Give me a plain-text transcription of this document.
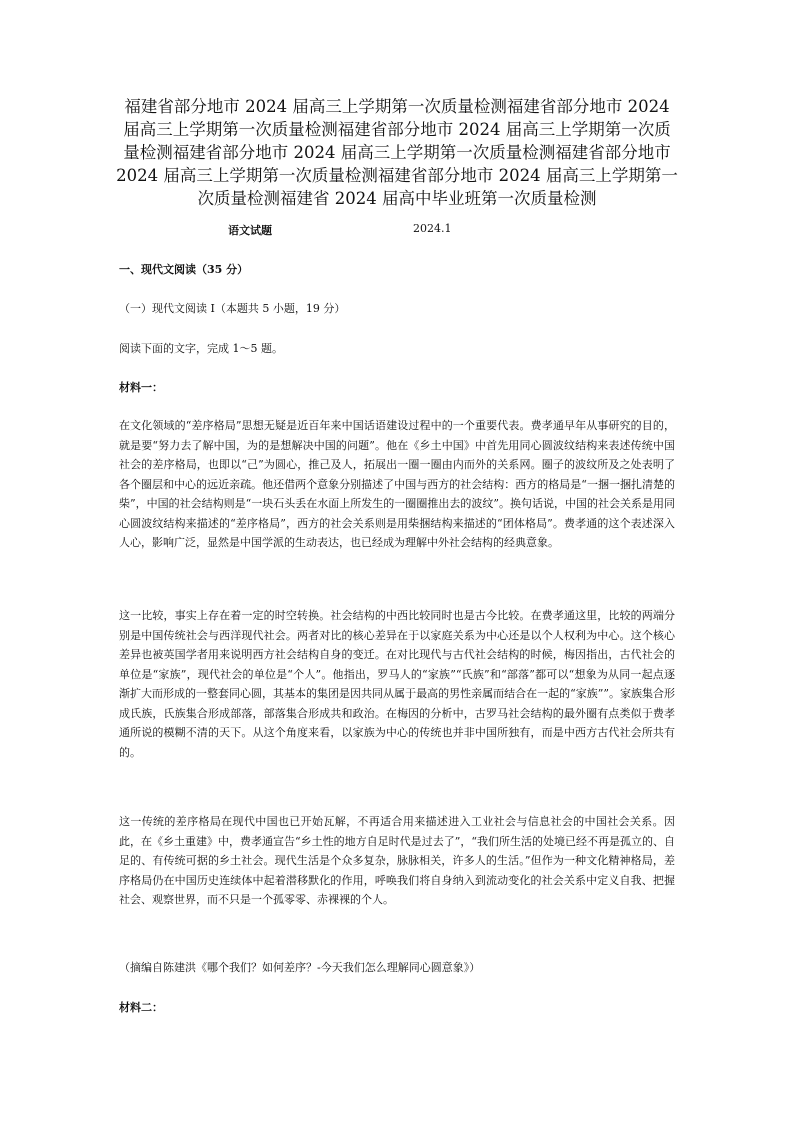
福建省部分地市 2024 届高三上学期第一次质量检测福建省部分地市 2024 届高三上学期第一次质量检测福建省部分地市 2024 届高三上学期第一次质量检测福建省部分地市 2024 届高三上学期第一次质量检测福建省部分地市 2024 届高三上学期第一次质量检测福建省部分地市 2024 届高三上学期第一次质量检测福建省 2024 届高中毕业班第一次质量检测
语文试题	2024.1
一、现代文阅读（35 分）
（一）现代文阅读 I（本题共 5 小题，19 分）
阅读下面的文字，完成 1～5 题。
材料一：

在文化领域的“差序格局”思想无疑是近百年来中国话语建设过程中的一个重要代表。费孝通早年从事研究的目的，就是要“努力去了解中国，为的是想解决中国的问题”。他在《乡土中国》中首先用同心圆波纹结构来表述传统中国社会的差序格局，也即以“己”为圆心，推己及人，拓展出一圈一圈由内而外的关系网。圈子的波纹所及之处表明了各个圈层和中心的远近亲疏。他还借两个意象分别描述了中国与西方的社会结构：西方的格局是“一捆一捆扎清楚的柴”，中国的社会结构则是“一块石头丢在水面上所发生的一圈圈推出去的波纹”。换句话说，中国的社会关系是用同心圆波纹结构来描述的“差序格局”，西方的社会关系则是用柴捆结构来描述的“团体格局”。费孝通的这个表述深入人心，影响广泛，显然是中国学派的生动表达，也已经成为理解中外社会结构的经典意象。

这一比较，事实上存在着一定的时空转换。社会结构的中西比较同时也是古今比较。在费孝通这里，比较的两端分别是中国传统社会与西洋现代社会。两者对比的核心差异在于以家庭关系为中心还是以个人权利为中心。这个核心差异也被英国学者用来说明西方社会结构自身的变迁。在对比现代与古代社会结构的时候，梅因指出，古代社会的单位是“家族”，现代社会的单位是“个人”。他指出，罗马人的“家族”“氏族”和“部落”都可以“想象为从同一起点逐渐扩大而形成的一整套同心圆，其基本的集团是因共同从属于最高的男性亲属而结合在一起的“家族””。家族集合形成氏族，氏族集合形成部落，部落集合形成共和政治。在梅因的分析中，古罗马社会结构的最外圈有点类似于费孝通所说的模糊不清的天下。从这个角度来看，以家族为中心的传统也并非中国所独有，而是中西方古代社会所共有的。

这一传统的差序格局在现代中国也已开始瓦解，不再适合用来描述进入工业社会与信息社会的中国社会关系。因此，在《乡土重建》中，费孝通宣告“乡土性的地方自足时代是过去了”，“我们所生活的处境已经不再是孤立的、自足的、有传统可据的乡土社会。现代生活是个众多复杂，脉脉相关，许多人的生活。”但作为一种文化精神格局，差序格局仍在中国历史连续体中起着潜移默化的作用，呼唤我们将自身纳入到流动变化的社会关系中定义自我、把握社会、观察世界，而不只是一个孤零零、赤裸裸的个人。

（摘编自陈建洪《哪个我们？如何差序？-今天我们怎么理解同心圆意象》）
材料二：
